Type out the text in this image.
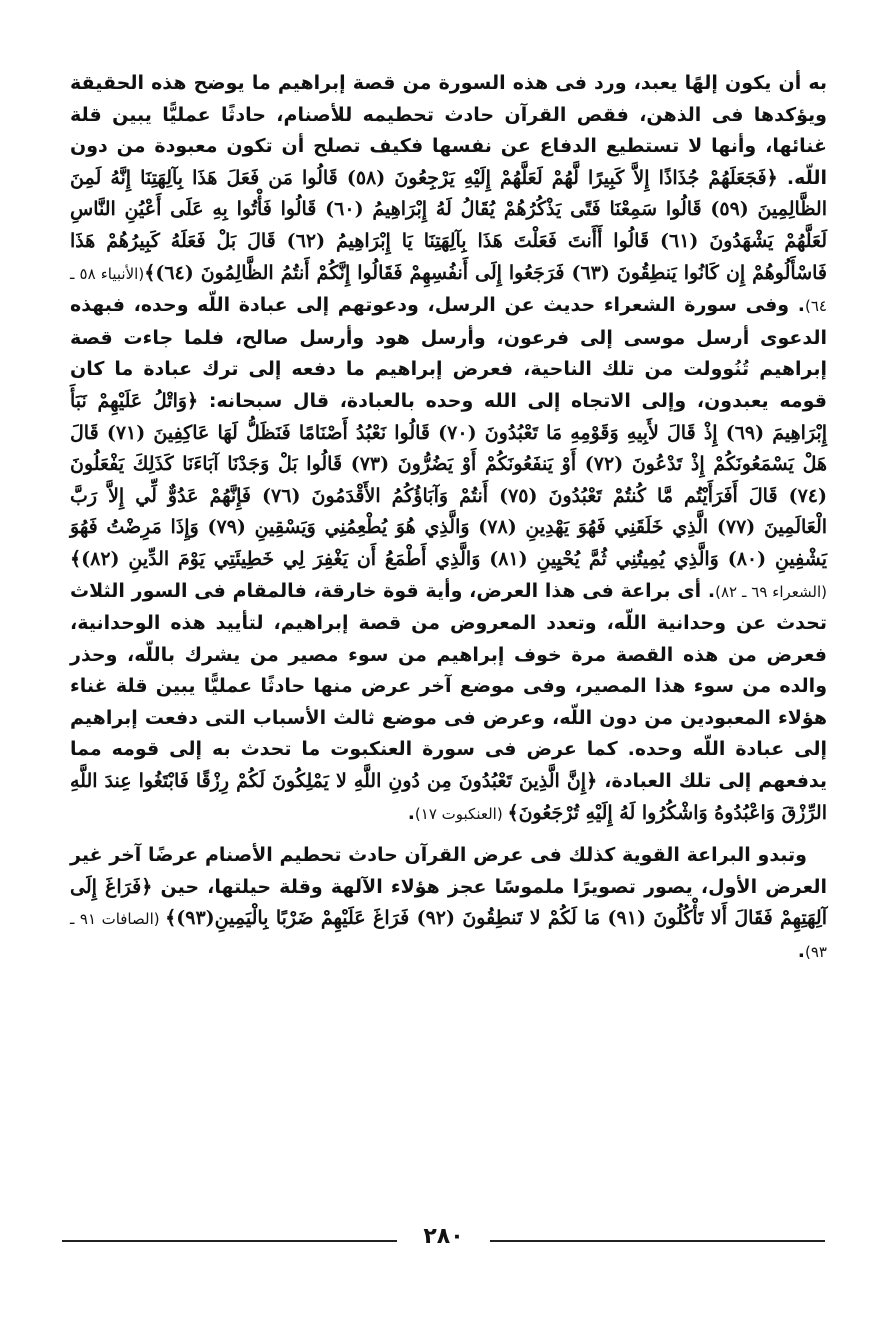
به أن يكون إلهًا يعبد، ورد فى هذه السورة من قصة إبراهيم ما يوضح هذه الحقيقة ويؤكدها فى الذهن، فقص القرآن حادث تحطيمه للأصنام، حادثًا عمليًّا يبين قلة غنائها، وأنها لا تستطيع الدفاع عن نفسها فكيف تصلح أن تكون معبودة من دون اللّه. ﴿فَجَعَلَهُمْ جُذَاذًا إِلاَّ كَبِيرًا لَّهُمْ لَعَلَّهُمْ إِلَيْهِ يَرْجِعُونَ (٥٨) قَالُوا مَن فَعَلَ هَذَا بِآلِهَتِنَا إِنَّهُ لَمِنَ الظَّالِمِينَ (٥٩) قَالُوا سَمِعْنَا فَتًى يَذْكُرُهُمْ يُقَالُ لَهُ إِبْرَاهِيمُ (٦٠) قَالُوا فَأْتُوا بِهِ عَلَى أَعْيُنِ النَّاسِ لَعَلَّهُمْ يَشْهَدُونَ (٦١) قَالُوا أَأَنتَ فَعَلْتَ هَذَا بِآلِهَتِنَا يَا إِبْرَاهِيمُ (٦٢) قَالَ بَلْ فَعَلَهُ كَبِيرُهُمْ هَذَا فَاسْأَلُوهُمْ إِن كَانُوا يَنطِقُونَ (٦٣) فَرَجَعُوا إِلَى أَنفُسِهِمْ فَقَالُوا إِنَّكُمْ أَنتُمُ الظَّالِمُونَ (٦٤)﴾(الأنبياء ٥٨ ـ ٦٤). وفى سورة الشعراء حديث عن الرسل، ودعوتهم إلى عبادة اللّه وحده، فبهذه الدعوى أرسل موسى إلى فرعون، وأرسل هود وأرسل صالح، فلما جاءت قصة إبراهيم تُنُوولت من تلك الناحية، فعرض إبراهيم ما دفعه إلى ترك عبادة ما كان قومه يعبدون، وإلى الاتجاه إلى الله وحده بالعبادة، قال سبحانه: ﴿وَاتْلُ عَلَيْهِمْ نَبَأَ إِبْرَاهِيمَ (٦٩) إِذْ قَالَ لأَبِيهِ وَقَوْمِهِ مَا تَعْبُدُونَ (٧٠) قَالُوا نَعْبُدُ أَصْنَامًا فَنَظَلُّ لَهَا عَاكِفِينَ (٧١) قَالَ هَلْ يَسْمَعُونَكُمْ إِذْ تَدْعُونَ (٧٢) أَوْ يَنفَعُونَكُمْ أَوْ يَضُرُّونَ (٧٣) قَالُوا بَلْ وَجَدْنَا آبَاءَنَا كَذَلِكَ يَفْعَلُونَ (٧٤) قَالَ أَفَرَأَيْتُم مَّا كُنتُمْ تَعْبُدُونَ (٧٥) أَنتُمْ وَآبَاؤُكُمُ الأَقْدَمُونَ (٧٦) فَإِنَّهُمْ عَدُوٌّ لِّي إِلاَّ رَبَّ الْعَالَمِينَ (٧٧) الَّذِي خَلَقَنِي فَهُوَ يَهْدِينِ (٧٨) وَالَّذِي هُوَ يُطْعِمُنِي وَيَسْقِينِ (٧٩) وَإِذَا مَرِضْتُ فَهُوَ يَشْفِينِ (٨٠) وَالَّذِي يُمِيتُنِي ثُمَّ يُحْيِينِ (٨١) وَالَّذِي أَطْمَعُ أَن يَغْفِرَ لِي خَطِيئَتِي يَوْمَ الدِّينِ (٨٢)﴾(الشعراء ٦٩ ـ ٨٢). أى براعة فى هذا العرض، وأية قوة خارقة، فالمقام فى السور الثلاث تحدث عن وحدانية اللّه، وتعدد المعروض من قصة إبراهيم، لتأييد هذه الوحدانية، فعرض من هذه القصة مرة خوف إبراهيم من سوء مصير من يشرك باللّه، وحذر والده من سوء هذا المصير، وفى موضع آخر عرض منها حادثًا عمليًّا يبين قلة غناء هؤلاء المعبودين من دون اللّه، وعرض فى موضع ثالث الأسباب التى دفعت إبراهيم إلى عبادة اللّه وحده. كما عرض فى سورة العنكبوت ما تحدث به إلى قومه مما يدفعهم إلى تلك العبادة، ﴿إِنَّ الَّذِينَ تَعْبُدُونَ مِن دُونِ اللَّهِ لا يَمْلِكُونَ لَكُمْ رِزْقًا فَابْتَغُوا عِندَ اللَّهِ الرِّزْقَ وَاعْبُدُوهُ وَاشْكُرُوا لَهُ إِلَيْهِ تُرْجَعُونَ﴾ (العنكبوت ١٧).

وتبدو البراعة القوية كذلك فى عرض القرآن حادث تحطيم الأصنام عرضًا آخر غير العرض الأول، يصور تصويرًا ملموسًا عجز هؤلاء الآلهة وقلة حيلتها، حين ﴿فَرَاغَ إِلَى آلِهَتِهِمْ فَقَالَ أَلا تَأْكُلُونَ (٩١) مَا لَكُمْ لا تَنطِقُونَ (٩٢) فَرَاغَ عَلَيْهِمْ ضَرْبًا بِالْيَمِينِ(٩٣)﴾ (الصافات ٩١ ـ ٩٣).

٢٨٠
